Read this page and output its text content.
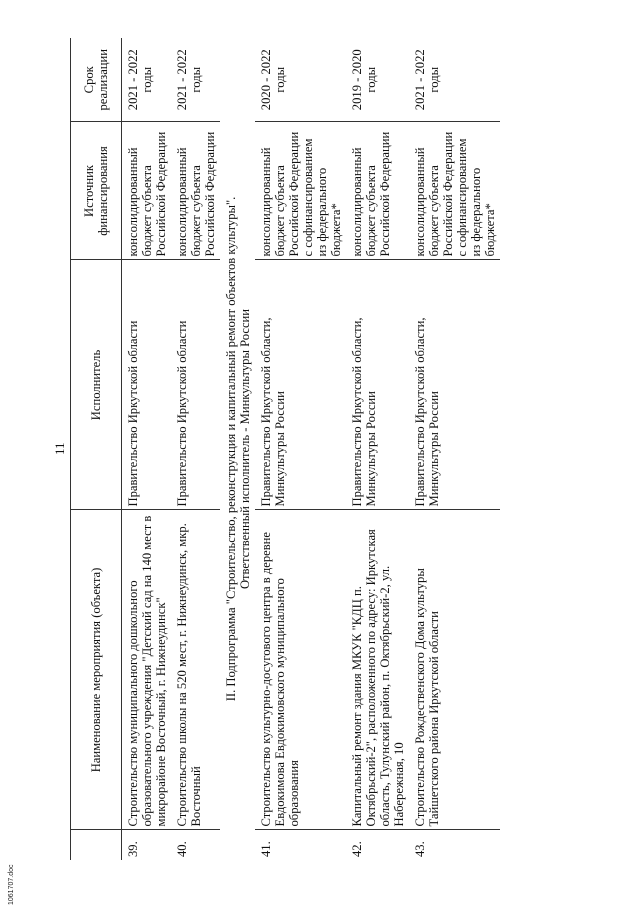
11
1061707.doc
	Наименование мероприятия (объекта)	Исполнитель	Источник финансирования	Срок реализации
39.	Строительство муниципального дошкольного образовательного учреждения "Детский сад на 140 мест в микрорайоне Восточный, г. Нижнеудинск"	Правительство Иркутской области	консолидированный бюджет субъекта Российской Федерации	2021 - 2022 годы
40.	Строительство школы на 520 мест, г. Нижнеудинск, мкр. Восточный	Правительство Иркутской области	консолидированный бюджет субъекта Российской Федерации	2021 - 2022 годы

II. Подпрограмма "Строительство, реконструкция и капитальный ремонт объектов культуры". Ответственный исполнитель - Минкультуры России				

41.	Строительство культурно-досугового центра в деревне Евдокимова Евдокимовского муниципального образования	Правительство Иркутской области, Минкультуры России	консолидированный бюджет субъекта Российской Федерации с софинансированием из федерального бюджета*	2020 - 2022 годы
42.	Капитальный ремонт здания МКУК "КДЦ п. Октябрьский-2", расположенного по адресу: Иркутская область, Тулунский район, п. Октябрьский-2, ул. Набережная, 10	Правительство Иркутской области, Минкультуры России	консолидированный бюджет субъекта Российской Федерации	2019 - 2020 годы
43.	Строительство Рождественского Дома культуры Тайшетского района Иркутской области	Правительство Иркутской области, Минкультуры России	консолидированный бюджет субъекта Российской Федерации с софинансированием из федерального бюджета*	2021 - 2022 годы
